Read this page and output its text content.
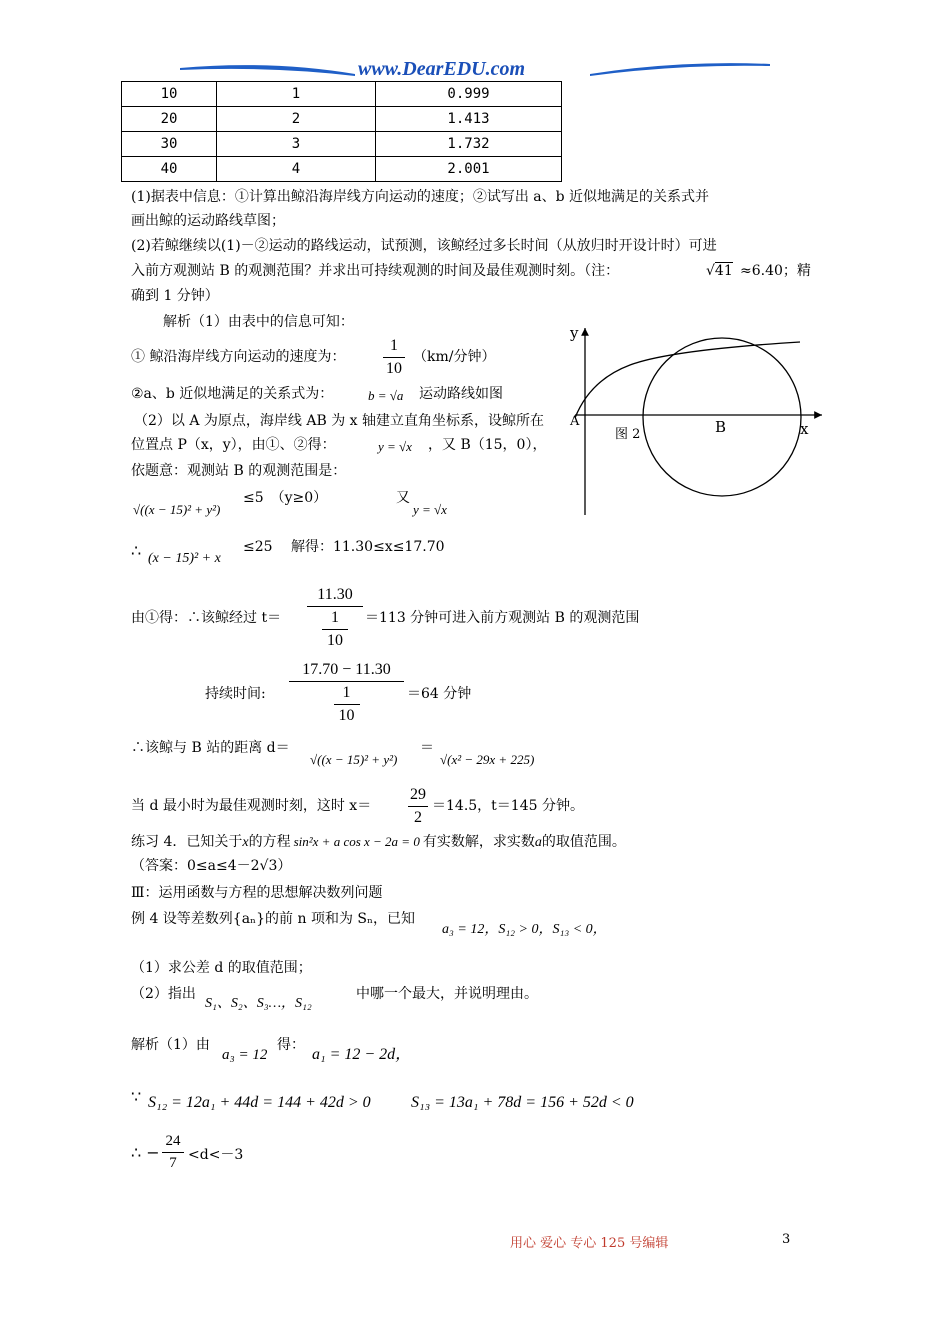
www.DearEDU.com
10	1	0.999
20	2	1.413
30	3	1.732
40	4	2.001
(1)据表中信息：①计算出鲸沿海岸线方向运动的速度；②试写出 a、b 近似地满足的关系式并
画出鲸的运动路线草图；
(2)若鲸继续以(1)－②运动的路线运动，试预测，该鲸经过多长时间（从放归时开设计时）可进
入前方观测站 B 的观测范围？并求出可持续观测的时间及最佳观测时刻。（注：	√41 ≈6.40；精
确到 1 分钟）
解析（1）由表中的信息可知：
① 鲸沿海岸线方向运动的速度为：
1
10
（km/分钟）
②a、b 近似地满足的关系式为：	b = √a 运动路线如图
（2）以 A 为原点，海岸线 AB 为 x 轴建立直角坐标系，设鲸所在
位置点 P（x，y），由①、②得：	y = √x ，又 B（15，0），
依题意：观测站 B 的观测范围是：
√((x − 15)² + y²)
≤5　（y≥0）	又
y = √x
∴ (x − 15)² + x
≤25　 解得：11.30≤x≤17.70
由①得：∴该鲸经过 t＝
11.30
1
10
＝113 分钟可进入前方观测站 B 的观测范围
持续时间:
17.70 − 11.30
1
10
＝64 分钟
∴该鲸与 B 站的距离 d＝
√((x − 15)² + y²)
＝
√(x² − 29x + 225)
当 d 最小时为最佳观测时刻，这时 x＝
29
2
＝14.5，t＝145 分钟。
y
x
A	B
图 2
练习 4．已知关于x的方程 sin²x + a cos x − 2a = 0 有实数解，求实数a的取值范围。
（答案：0≤a≤4－2√3）
Ⅲ：运用函数与方程的思想解决数列问题
例 4 设等差数列{aₙ}的前 n 项和为 Sₙ，已知
a₃ = 12，S₁₂ > 0，S₁₃ < 0，
（1）求公差 d 的取值范围；
（2）指出
S₁、S₂、S₃…，S₁₂
中哪一个最大，并说明理由。
解析（1）由
a₃ = 12
得：
a₁ = 12 − 2d，
∵ S₁₂ = 12a₁ + 44d = 144 + 42d > 0	S₁₃ = 13a₁ + 78d = 156 + 52d < 0
∴ −
24
7 <d<－3
用心 爱心 专心 125 号编辑	3
